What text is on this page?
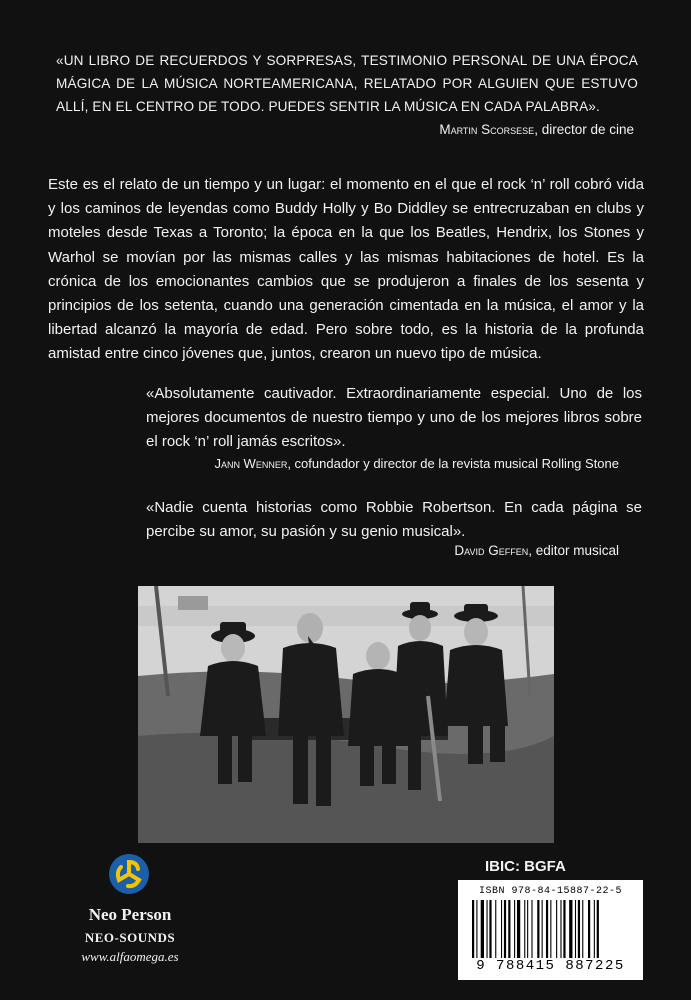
«UN LIBRO DE RECUERDOS Y SORPRESAS, TESTIMONIO PERSONAL DE UNA ÉPOCA MÁGICA DE LA MÚSICA NORTEAMERICANA, RELATADO POR ALGUIEN QUE ESTUVO ALLÍ, EN EL CENTRO DE TODO. PUEDES SENTIR LA MÚSICA EN CADA PALABRA».
Martin Scorsese, director de cine

Este es el relato de un tiempo y un lugar: el momento en el que el rock ‘n’ roll cobró vida y los caminos de leyendas como Buddy Holly y Bo Diddley se entrecruzaban en clubs y moteles desde Texas a Toronto; la época en la que los Beatles, Hendrix, los Stones y Warhol se movían por las mismas calles y las mismas habitaciones de hotel. Es la crónica de los emocionantes cambios que se produjeron a finales de los sesenta y principios de los setenta, cuando una generación cimentada en la música, el amor y la libertad alcanzó la mayoría de edad. Pero sobre todo, es la historia de la profunda amistad entre cinco jóvenes que, juntos, crearon un nuevo tipo de música.

«Absolutamente cautivador. Extraordinariamente especial. Uno de los mejores documentos de nuestro tiempo y uno de los mejores libros sobre el rock ‘n’ roll jamás escritos».

Jann Wenner, cofundador y director de la revista musical Rolling Stone

«Nadie cuenta historias como Robbie Robertson. En cada página se percibe su amor, su pasión y su genio musical».

David Geffen, editor musical
Neo Person
NEO-SOUNDS
www.alfaomega.es
IBIC: BGFA
ISBN 978-84-15887-22-5
9 788415 887225
